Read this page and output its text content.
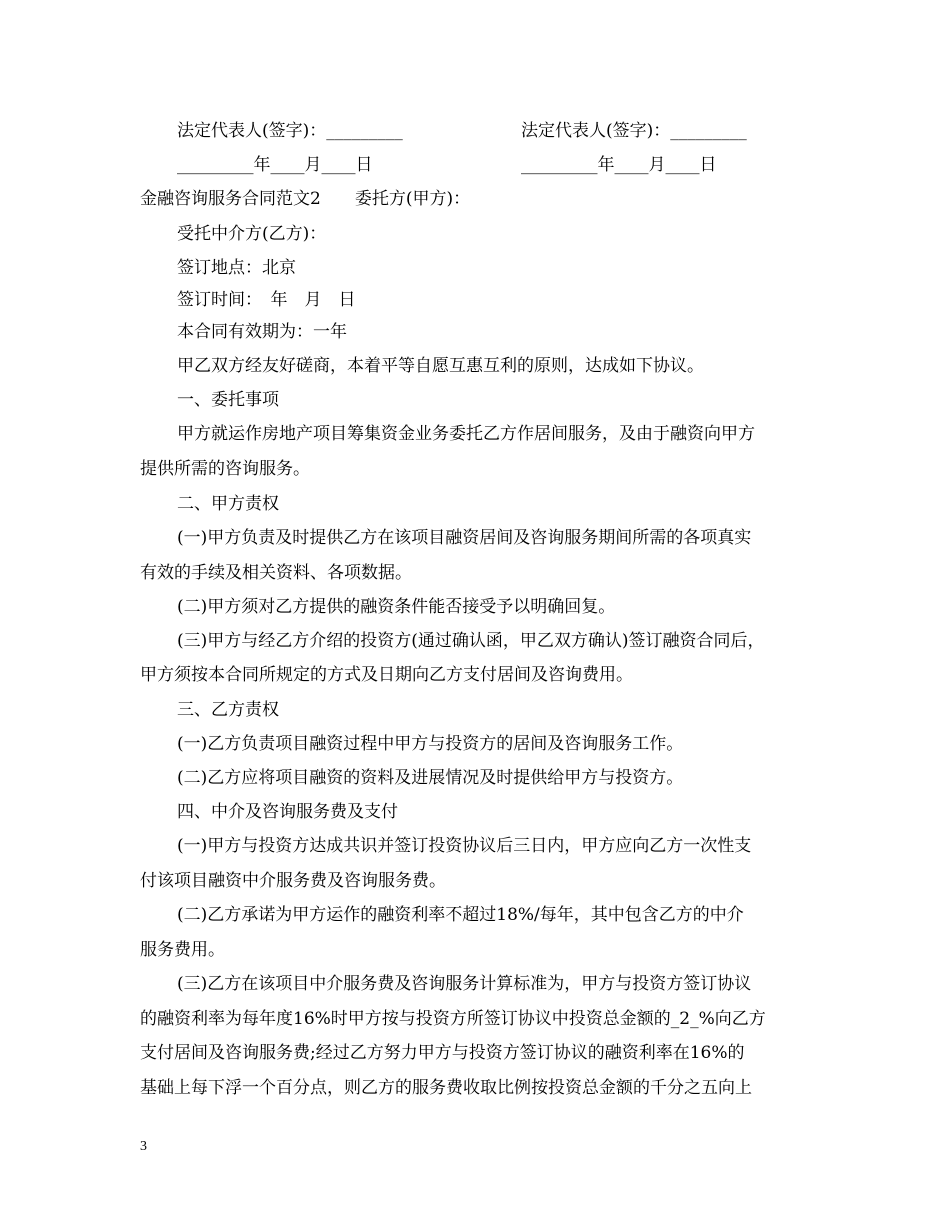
法定代表人(签字)：_________	法定代表人(签字)：_________
_________年____月____日	_________年____月____日
金融咨询服务合同范文2　　委托方(甲方)：
受托中介方(乙方)：
签订地点：北京
签订时间：　年　月　日
本合同有效期为：一年
甲乙双方经友好磋商，本着平等自愿互惠互利的原则，达成如下协议。
一、委托事项
甲方就运作房地产项目筹集资金业务委托乙方作居间服务，及由于融资向甲方
提供所需的咨询服务。
二、甲方责权
(一)甲方负责及时提供乙方在该项目融资居间及咨询服务期间所需的各项真实
有效的手续及相关资料、各项数据。
(二)甲方须对乙方提供的融资条件能否接受予以明确回复。
(三)甲方与经乙方介绍的投资方(通过确认函，甲乙双方确认)签订融资合同后，
甲方须按本合同所规定的方式及日期向乙方支付居间及咨询费用。
三、乙方责权
(一)乙方负责项目融资过程中甲方与投资方的居间及咨询服务工作。
(二)乙方应将项目融资的资料及进展情况及时提供给甲方与投资方。
四、中介及咨询服务费及支付
(一)甲方与投资方达成共识并签订投资协议后三日内，甲方应向乙方一次性支
付该项目融资中介服务费及咨询服务费。
(二)乙方承诺为甲方运作的融资利率不超过18%/每年，其中包含乙方的中介
服务费用。
(三)乙方在该项目中介服务费及咨询服务计算标准为，甲方与投资方签订协议
的融资利率为每年度16%时甲方按与投资方所签订协议中投资总金额的_2_%向乙方
支付居间及咨询服务费;经过乙方努力甲方与投资方签订协议的融资利率在16%的
基础上每下浮一个百分点，则乙方的服务费收取比例按投资总金额的千分之五向上
3
